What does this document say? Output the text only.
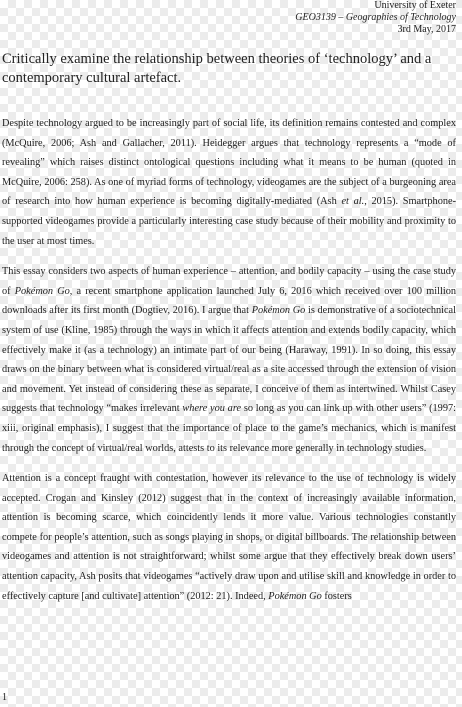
University of Exeter
GEO3139 – Geographies of Technology
3rd May, 2017
Critically examine the relationship between theories of ‘technology’ and a contemporary cultural artefact.

Despite technology argued to be increasingly part of social life, its definition remains contested and complex (McQuire, 2006; Ash and Gallacher, 2011). Heidegger argues that technology represents a “mode of revealing” which raises distinct ontological questions including what it means to be human (quoted in McQuire, 2006: 258). As one of myriad forms of technology, videogames are the subject of a burgeoning area of research into how human experience is becoming digitally-mediated (Ash et al., 2015). Smartphone-supported videogames provide a particularly interesting case study because of their mobility and proximity to the user at most times.

This essay considers two aspects of human experience – attention, and bodily capacity – using the case study of Pokémon Go, a recent smartphone application launched July 6, 2016 which received over 100 million downloads after its first month (Dogtiev, 2016). I argue that Pokémon Go is demonstrative of a sociotechnical system of use (Kline, 1985) through the ways in which it affects attention and extends bodily capacity, which effectively make it (as a technology) an intimate part of our being (Haraway, 1991). In so doing, this essay draws on the binary between what is considered virtual/real as a site accessed through the extension of vision and movement. Yet instead of considering these as separate, I conceive of them as intertwined. Whilst Casey suggests that technology “makes irrelevant where you are so long as you can link up with other users” (1997: xiii, original emphasis), I suggest that the importance of place to the game’s mechanics, which is manifest through the concept of virtual/real worlds, attests to its relevance more generally in technology studies.

Attention is a concept fraught with contestation, however its relevance to the use of technology is widely accepted. Crogan and Kinsley (2012) suggest that in the context of increasingly available information, attention is becoming scarce, which coincidently lends it more value. Various technologies constantly compete for people’s attention, such as songs playing in shops, or digital billboards. The relationship between videogames and attention is not straightforward; whilst some argue that they effectively break down users’ attention capacity, Ash posits that videogames “actively draw upon and utilise skill and knowledge in order to effectively capture [and cultivate] attention” (2012: 21). Indeed, Pokémon Go fosters

1
